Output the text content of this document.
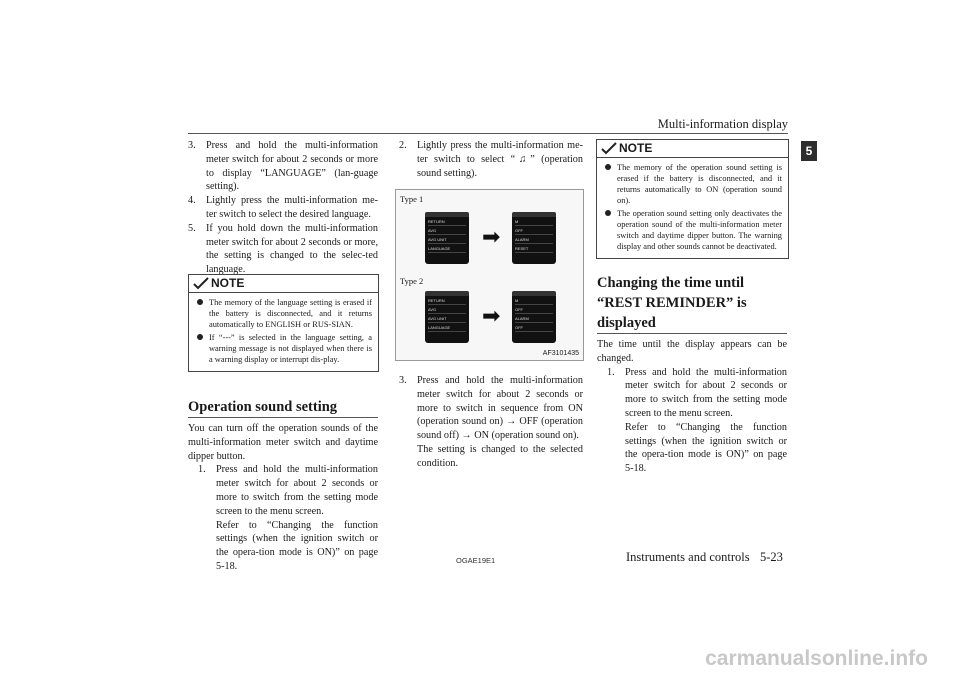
Multi-information display
5
3. Press and hold the multi-information meter switch for about 2 seconds or more to display “LANGUAGE” (lan-guage setting).

4. Lightly press the multi-information me-ter switch to select the desired language.

5. If you hold down the multi-information meter switch for about 2 seconds or more, the setting is changed to the selec-ted language.

NOTE
The memory of the language setting is erased if the battery is disconnected, and it returns automatically to ENGLISH or RUS-SIAN.
If “---” is selected in the language setting, a warning message is not displayed when there is a warning display or interrupt dis-play.
Operation sound setting

You can turn off the operation sounds of the multi-information meter switch and daytime dipper button.

1. Press and hold the multi-information meter switch for about 2 seconds or more to switch from the setting mode screen to the menu screen.

Refer to “Changing the function settings (when the ignition switch or the opera-tion mode is ON)” on page 5-18.

2. Lightly press the multi-information me-ter switch to select “♫” (operation sound setting).

Type 1
Type 2
RETURN
AVG
AVG UNIT
LANGUAGE	➡
M
OFF
ALARM
RESET
RETURN
AVG
AVG UNIT
LANGUAGE	➡
M
OFF
ALARM
OFF
AF3101435
3. Press and hold the multi-information meter switch for about 2 seconds or more to switch in sequence from ON (operation sound on) → OFF (operation sound off) → ON (operation sound on).

The setting is changed to the selected condition.

NOTE
The memory of the operation sound setting is erased if the battery is disconnected, and it returns automatically to ON (operation sound on).
The operation sound setting only deactivates the operation sound of the multi-information meter switch and daytime dipper button. The warning display and other sounds cannot be deactivated.
Changing the time until “REST REMINDER” is displayed

The time until the display appears can be changed.

1. Press and hold the multi-information meter switch for about 2 seconds or more to switch from the setting mode screen to the menu screen.

Refer to “Changing the function settings (when the ignition switch or the opera-tion mode is ON)” on page 5-18.

OGAE19E1	Instruments and controls 5-23
carmanualsonline.info
